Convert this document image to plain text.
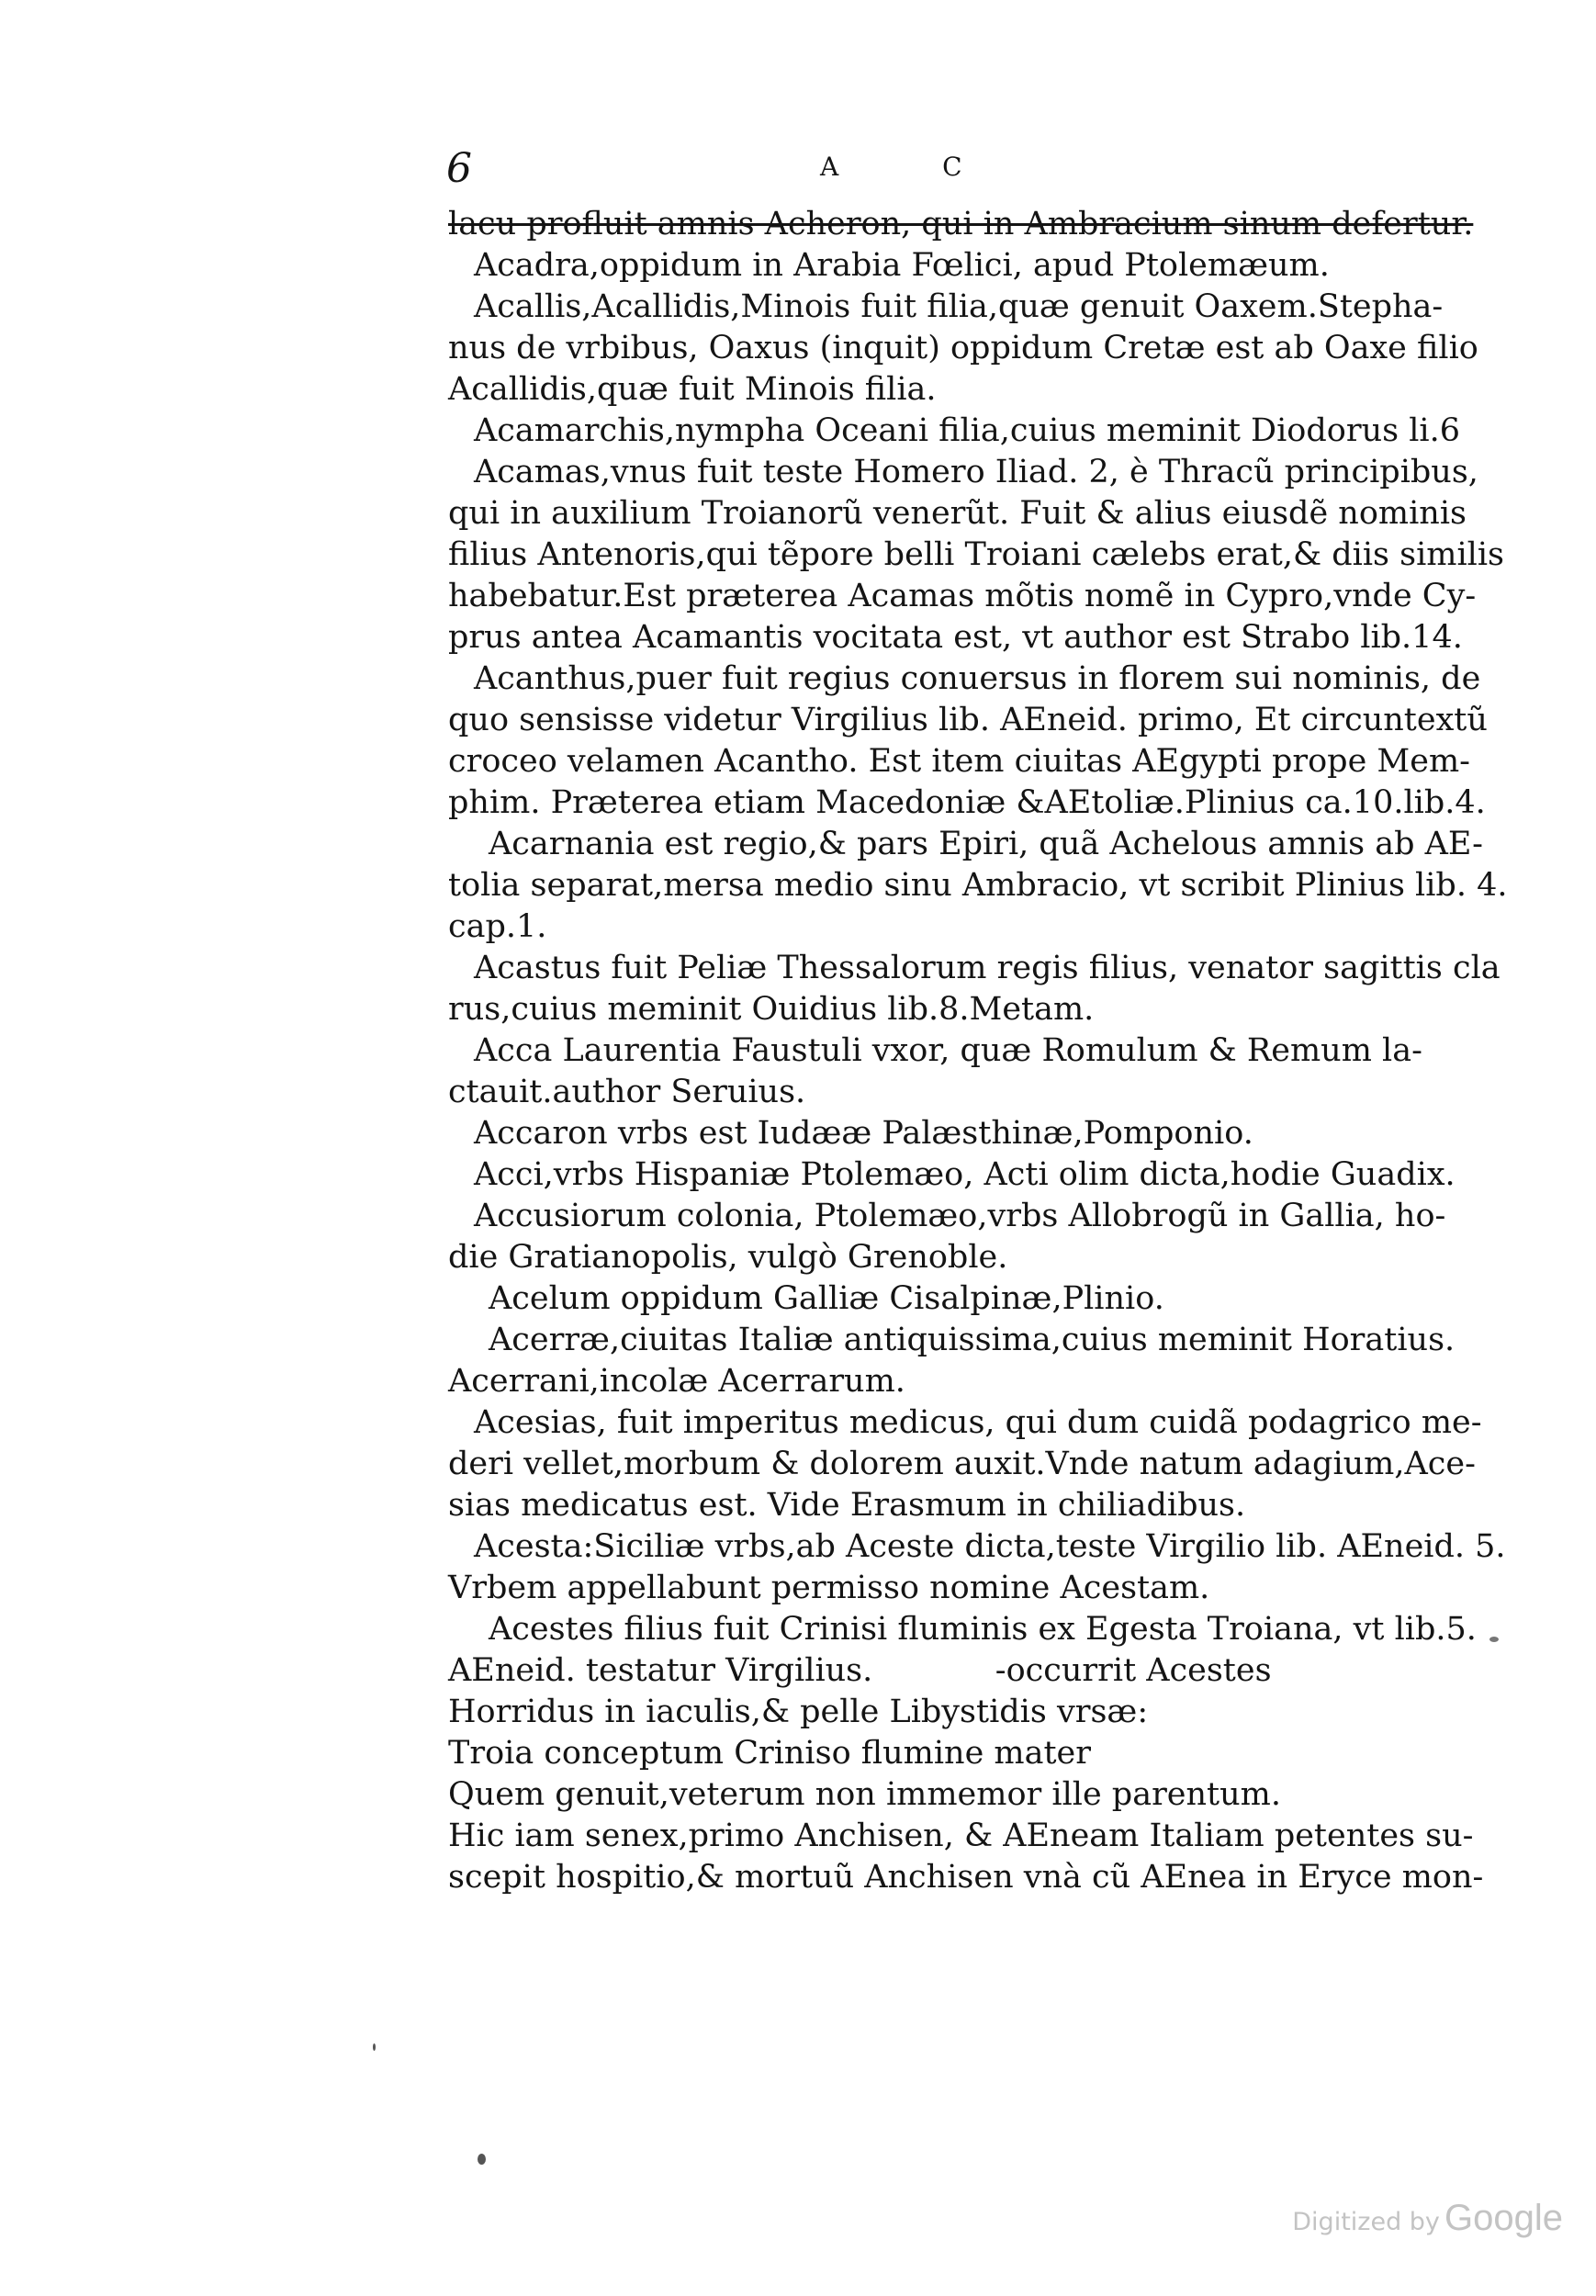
6	A C
lacu profluit amnis Acheron, qui in Ambracium sinum defertur.
Acadra,oppidum in Arabia Fœlici, apud Ptolemæum.
Acallis,Acallidis,Minois fuit filia,quæ genuit Oaxem.Stepha-
nus de vrbibus, Oaxus (inquit) oppidum Cretæ est ab Oaxe filio
Acallidis,quæ fuit Minois filia.
Acamarchis,nympha Oceani filia,cuius meminit Diodorus li.6
Acamas,vnus fuit teste Homero Iliad. 2, è Thracũ principibus,
qui in auxilium Troianorũ venerũt. Fuit & alius eiusdẽ nominis
filius Antenoris,qui tẽpore belli Troiani cælebs erat,& diis similis
habebatur.Est præterea Acamas mõtis nomẽ in Cypro,vnde Cy-
prus antea Acamantis vocitata est, vt author est Strabo lib.14.
Acanthus,puer fuit regius conuersus in florem sui nominis, de
quo sensisse videtur Virgilius lib. AEneid. primo, Et circuntextũ
croceo velamen Acantho. Est item ciuitas AEgypti prope Mem-
phim. Præterea etiam Macedoniæ &AEtoliæ.Plinius ca.10.lib.4.
Acarnania est regio,& pars Epiri, quã Achelous amnis ab AE-
tolia separat,mersa medio sinu Ambracio, vt scribit Plinius lib. 4.
cap.1.
Acastus fuit Peliæ Thessalorum regis filius, venator sagittis cla
rus,cuius meminit Ouidius lib.8.Metam.
Acca Laurentia Faustuli vxor, quæ Romulum & Remum la-
ctauit.author Seruius.
Accaron vrbs est Iudææ Palæsthinæ,Pomponio.
Acci,vrbs Hispaniæ Ptolemæo, Acti olim dicta,hodie Guadix.
Accusiorum colonia, Ptolemæo,vrbs Allobrogũ in Gallia, ho-
die Gratianopolis, vulgò Grenoble.
Acelum oppidum Galliæ Cisalpinæ,Plinio.
Acerræ,ciuitas Italiæ antiquissima,cuius meminit Horatius.
Acerrani,incolæ Acerrarum.
Acesias, fuit imperitus medicus, qui dum cuidã podagrico me-
deri vellet,morbum & dolorem auxit.Vnde natum adagium,Ace-
sias medicatus est. Vide Erasmum in chiliadibus.
Acesta:Siciliæ vrbs,ab Aceste dicta,teste Virgilio lib. AEneid. 5.
Vrbem appellabunt permisso nomine Acestam.
Acestes filius fuit Crinisi fluminis ex Egesta Troiana, vt lib.5.
AEneid. testatur Virgilius.            -occurrit Acestes
Horridus in iaculis,& pelle Libystidis vrsæ:
Troia conceptum Criniso flumine mater
Quem genuit,veterum non immemor ille parentum.
Hic iam senex,primo Anchisen, & AEneam Italiam petentes su-
scepit hospitio,& mortuũ Anchisen vnà cũ AEnea in Eryce mon-
Digitized by Google
